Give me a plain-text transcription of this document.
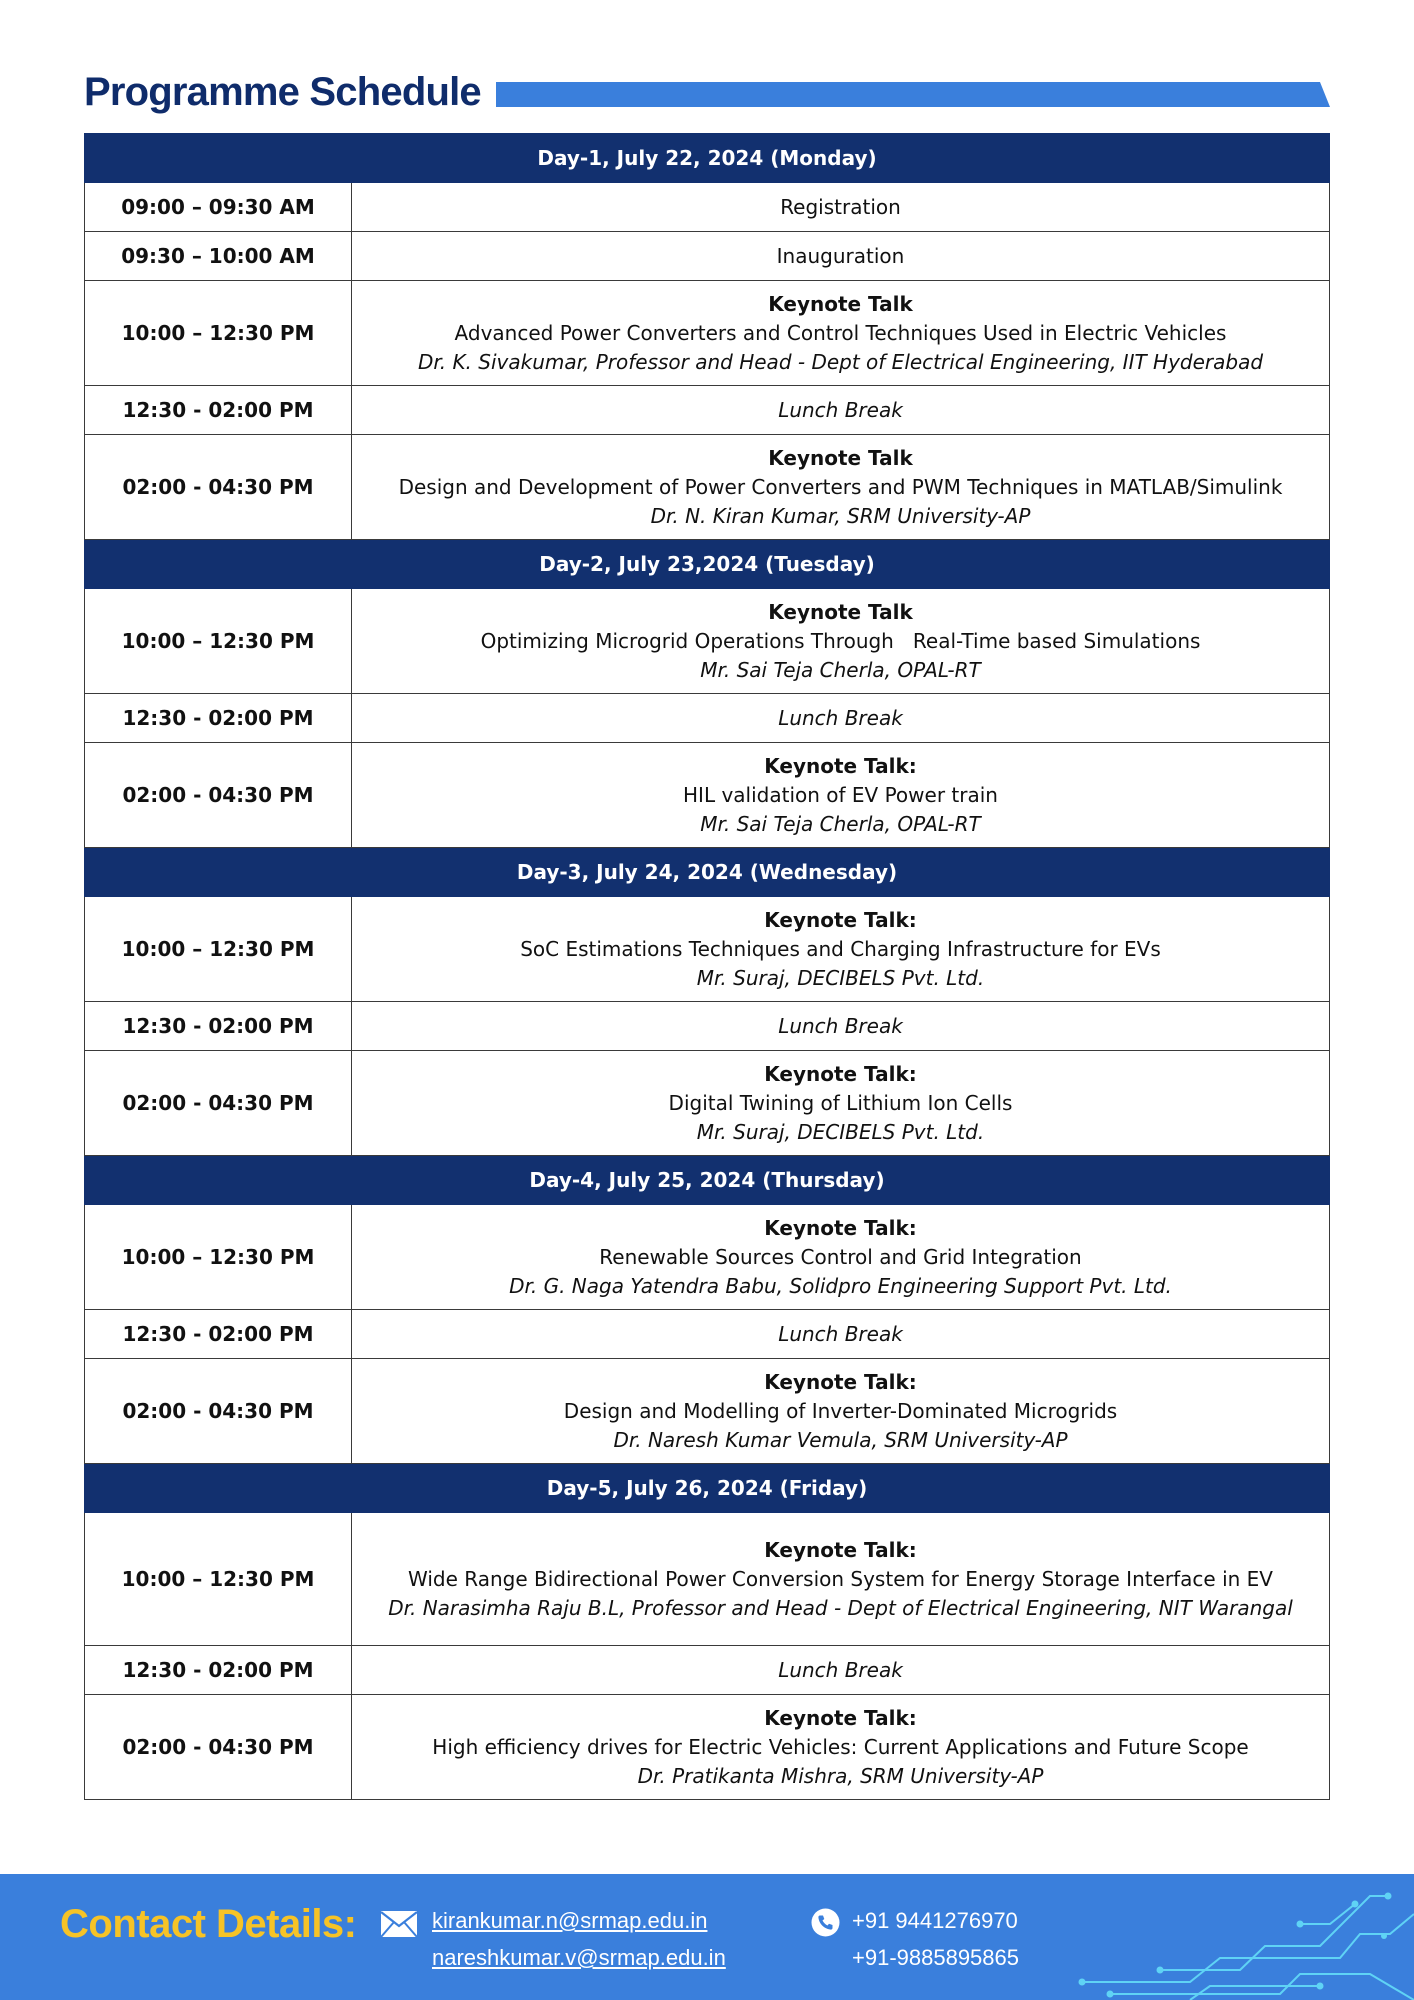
Programme Schedule
Day-1, July 22, 2024 (Monday)	
09:00 – 09:30 AM	Registration

09:30 – 10:00 AM	Inauguration

10:00 – 12:30 PM	Keynote Talk
Advanced Power Converters and Control Techniques Used in Electric Vehicles
Dr. K. Sivakumar, Professor and Head - Dept of Electrical Engineering, IIT Hyderabad

12:30 - 02:00 PM	Lunch Break

02:00 - 04:30 PM	Keynote Talk
Design and Development of Power Converters and PWM Techniques in MATLAB/Simulink
Dr. N. Kiran Kumar, SRM University-AP

Day-2, July 23,2024 (Tuesday)	
10:00 – 12:30 PM	Keynote Talk
Optimizing Microgrid Operations Through   Real-Time based Simulations
Mr. Sai Teja Cherla, OPAL-RT

12:30 - 02:00 PM	Lunch Break

02:00 - 04:30 PM	Keynote Talk:
HIL validation of EV Power train
Mr. Sai Teja Cherla, OPAL-RT

Day-3, July 24, 2024 (Wednesday)	
10:00 – 12:30 PM	Keynote Talk:
SoC Estimations Techniques and Charging Infrastructure for EVs
Mr. Suraj, DECIBELS Pvt. Ltd.

12:30 - 02:00 PM	Lunch Break

02:00 - 04:30 PM	Keynote Talk:
Digital Twining of Lithium Ion Cells
Mr. Suraj, DECIBELS Pvt. Ltd.

Day-4, July 25, 2024 (Thursday)	
10:00 – 12:30 PM	Keynote Talk:
Renewable Sources Control and Grid Integration
Dr. G. Naga Yatendra Babu, Solidpro Engineering Support Pvt. Ltd.

12:30 - 02:00 PM	Lunch Break

02:00 - 04:30 PM	Keynote Talk:
Design and Modelling of Inverter-Dominated Microgrids
Dr. Naresh Kumar Vemula, SRM University-AP

Day-5, July 26, 2024 (Friday)	
10:00 – 12:30 PM	Keynote Talk:
Wide Range Bidirectional Power Conversion System for Energy Storage Interface in EV
Dr. Narasimha Raju B.L, Professor and Head - Dept of Electrical Engineering, NIT Warangal

12:30 - 02:00 PM	Lunch Break

02:00 - 04:30 PM	Keynote Talk:
High efficiency drives for Electric Vehicles: Current Applications and Future Scope
Dr. Pratikanta Mishra, SRM University-AP
Contact Details:	kirankumar.n@srmap.edu.in
nareshkumar.v@srmap.edu.in
+91 9441276970
+91-9885895865
